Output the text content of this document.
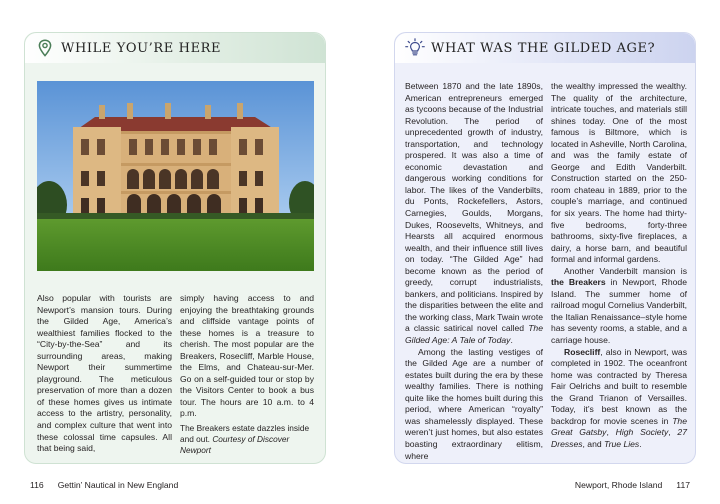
WHILE YOU’RE HERE

Also popular with tourists are Newport’s mansion tours. During the Gilded Age, America’s wealthiest families flocked to the “City-by-the-Sea” and its surrounding areas, making Newport their summertime playground. The meticulous preservation of more than a dozen of these homes gives us intimate access to the artistry, personality, and complex culture that went into these colossal time capsules. All that being said,

simply having access to and enjoying the breathtaking grounds and cliffside vantage points of these homes is a treasure to cherish. The most popular are the Breakers, Rosecliff, Marble House, the Elms, and Chateau-sur-Mer. Go on a self-guided tour or stop by the Visitors Center to book a bus tour. The hours are 10 a.m. to 4 p.m.

The Breakers estate dazzles inside and out. Courtesy of Discover Newport
116 Gettin’ Nautical in New England
WHAT WAS THE GILDED AGE?

Between 1870 and the late 1890s, American entrepreneurs emerged as tycoons because of the Industrial Revolution. The period of unprecedented growth of industry, transportation, and technology prospered. It was also a time of economic devastation and dangerous working conditions for labor. The likes of the Vanderbilts, du Ponts, Rockefellers, Astors, Carnegies, Goulds, Morgans, Dukes, Roosevelts, Whitneys, and Hearsts all acquired enormous wealth, and their influence still lives on today. “The Gilded Age” had become known as the period of greedy, corrupt industrialists, bankers, and politicians. Inspired by the disparities between the elite and the working class, Mark Twain wrote a classic satirical novel called The Gilded Age: A Tale of Today.

Among the lasting vestiges of the Gilded Age are a number of estates built during the era by these wealthy families. There is nothing quite like the homes built during this period, where American “royalty” was shamelessly displayed. These weren’t just homes, but also estates boasting extraordinary elitism, where

the wealthy impressed the wealthy. The quality of the architecture, intricate touches, and materials still shines today. One of the most famous is Biltmore, which is located in Asheville, North Carolina, and was the family estate of George and Edith Vanderbilt. Construction started on the 250-room chateau in 1889, prior to the couple’s marriage, and continued for six years. The home had thirty-five bedrooms, forty-three bathrooms, sixty-five fireplaces, a dairy, a horse barn, and beautiful formal and informal gardens.

Another Vanderbilt mansion is the Breakers in Newport, Rhode Island. The summer home of railroad mogul Cornelius Vanderbilt, the Italian Renaissance–style home has seventy rooms, a stable, and a carriage house.

Rosecliff, also in Newport, was completed in 1902. The oceanfront home was contracted by Theresa Fair Oelrichs and built to resemble the Grand Trianon of Versailles. Today, it’s best known as the backdrop for movie scenes in The Great Gatsby, High Society, 27 Dresses, and True Lies.

Newport, Rhode Island 117
